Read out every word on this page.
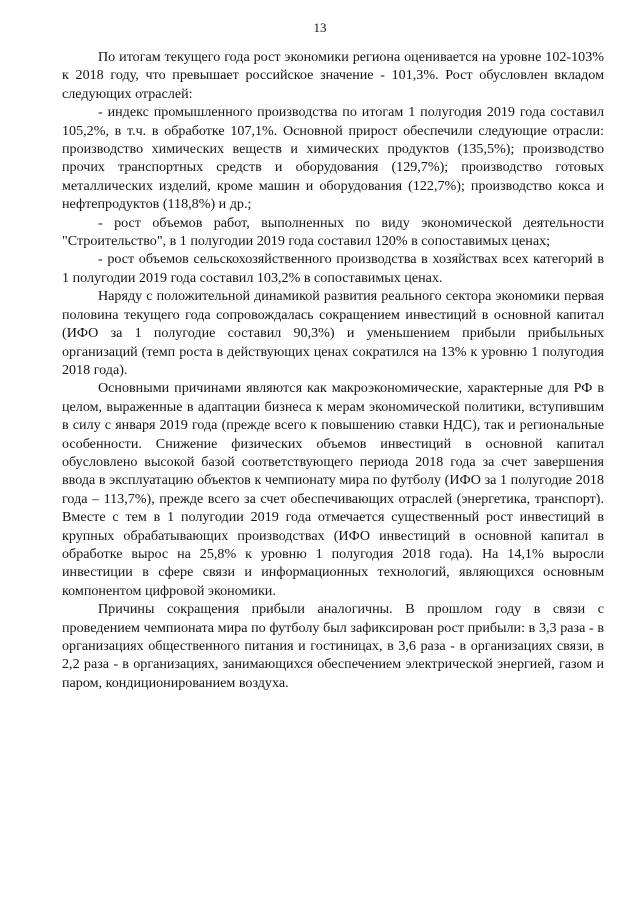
13

По итогам текущего года рост экономики региона оценивается на уровне 102-103% к 2018 году, что превышает российское значение - 101,3%. Рост обусловлен вкладом следующих отраслей:

- индекс промышленного производства по итогам 1 полугодия 2019 года составил 105,2%, в т.ч. в обработке 107,1%. Основной прирост обеспечили следующие отрасли: производство химических веществ и химических продуктов (135,5%); производство прочих транспортных средств и оборудования (129,7%); производство готовых металлических изделий, кроме машин и оборудования (122,7%); производство кокса и нефтепродуктов (118,8%) и др.;

- рост объемов работ, выполненных по виду экономической деятельности "Строительство", в 1 полугодии 2019 года составил 120% в сопоставимых ценах;

- рост объемов сельскохозяйственного производства в хозяйствах всех категорий в 1 полугодии 2019 года составил 103,2% в сопоставимых ценах.

Наряду с положительной динамикой развития реального сектора экономики первая половина текущего года сопровождалась сокращением инвестиций в основной капитал (ИФО за 1 полугодие составил 90,3%) и уменьшением прибыли прибыльных организаций (темп роста в действующих ценах сократился на 13% к уровню 1 полугодия 2018 года).

Основными причинами являются как макроэкономические, характерные для РФ в целом, выраженные в адаптации бизнеса к мерам экономической политики, вступившим в силу с января 2019 года (прежде всего к повышению ставки НДС), так и региональные особенности. Снижение физических объемов инвестиций в основной капитал обусловлено высокой базой соответствующего периода 2018 года за счет завершения ввода в эксплуатацию объектов к чемпионату мира по футболу (ИФО за 1 полугодие 2018 года – 113,7%), прежде всего за счет обеспечивающих отраслей (энергетика, транспорт). Вместе с тем в 1 полугодии 2019 года отмечается существенный рост инвестиций в крупных обрабатывающих производствах (ИФО инвестиций в основной капитал в обработке вырос на 25,8% к уровню 1 полугодия 2018 года). На 14,1% выросли инвестиции в сфере связи и информационных технологий, являющихся основным компонентом цифровой экономики.

Причины сокращения прибыли аналогичны. В прошлом году в связи с проведением чемпионата мира по футболу был зафиксирован рост прибыли: в 3,3 раза - в организациях общественного питания и гостиницах, в 3,6 раза - в организациях связи, в 2,2 раза - в организациях, занимающихся обеспечением электрической энергией, газом и паром, кондиционированием воздуха.
